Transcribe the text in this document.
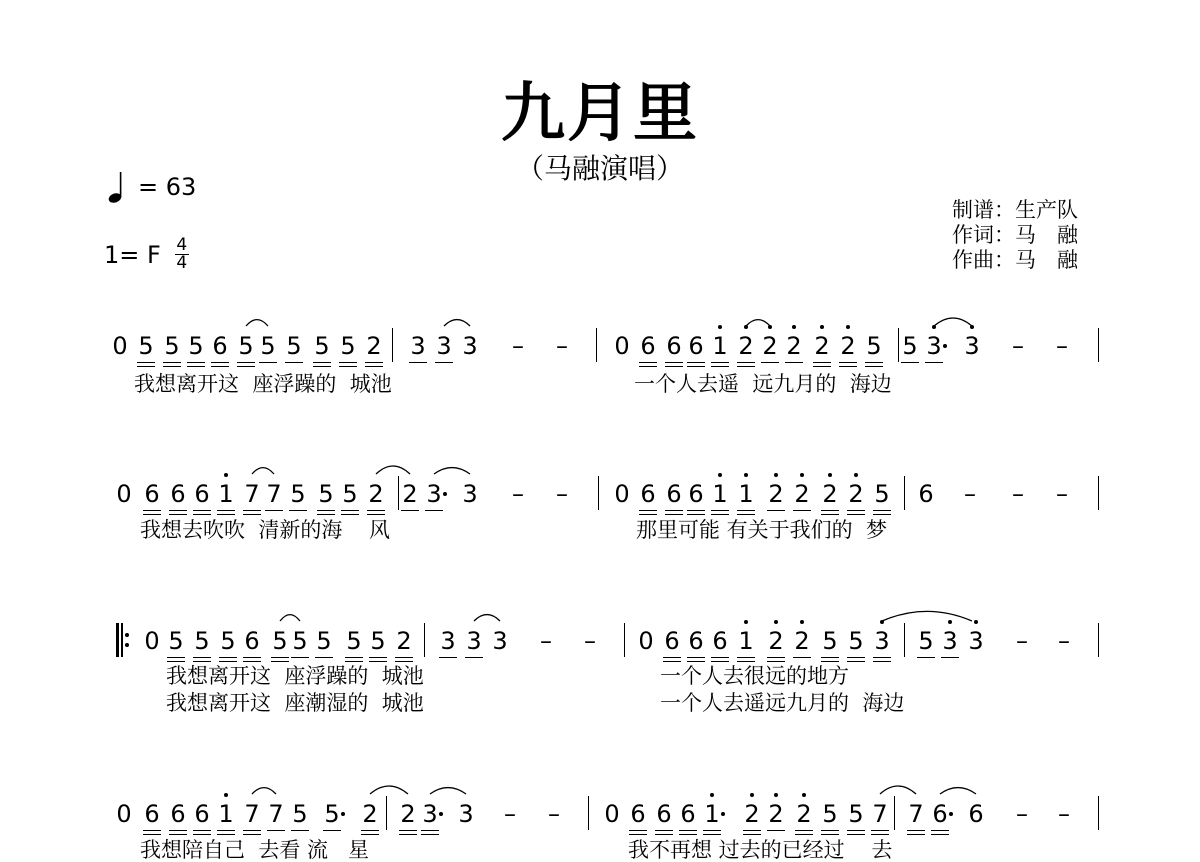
九月里
（马融演唱）
= 63
1= F 4
4
制谱：生产队
作词：马　融
作曲：马　融
0 5 5 5 6 5 5 5 5 5 2 3 3 3 – – 0 6 6 6 1 2 2 2 2 2 5 5 3 3 – –
我想离开这  座浮躁的  城池	一个人去遥  远九月的  海边
0 6 6 6 1 7 7 5 5 5 2 2 3 3 – – 0 6 6 6 1 1 2 2 2 2 5 6 – – –
我想去吹吹  清新的海    风	那里可能 有关于我们的  梦
0 5 5 5 6 5 5 5 5 5 2 3 3 3 – – 0 6 6 6 1 2 2 5 5 3 5 3 3 – –
我想离开这  座浮躁的  城池
我想离开这  座潮湿的  城池
一个人去很远的地方
一个人去遥远九月的  海边
0 6 6 6 1 7 7 5 5 2 2 3 3 – – 0 6 6 6 1 2 2 2 5 5 7 7 6 6 – –
我想陪自己  去看 流   星	我不再想 过去的已经过    去
